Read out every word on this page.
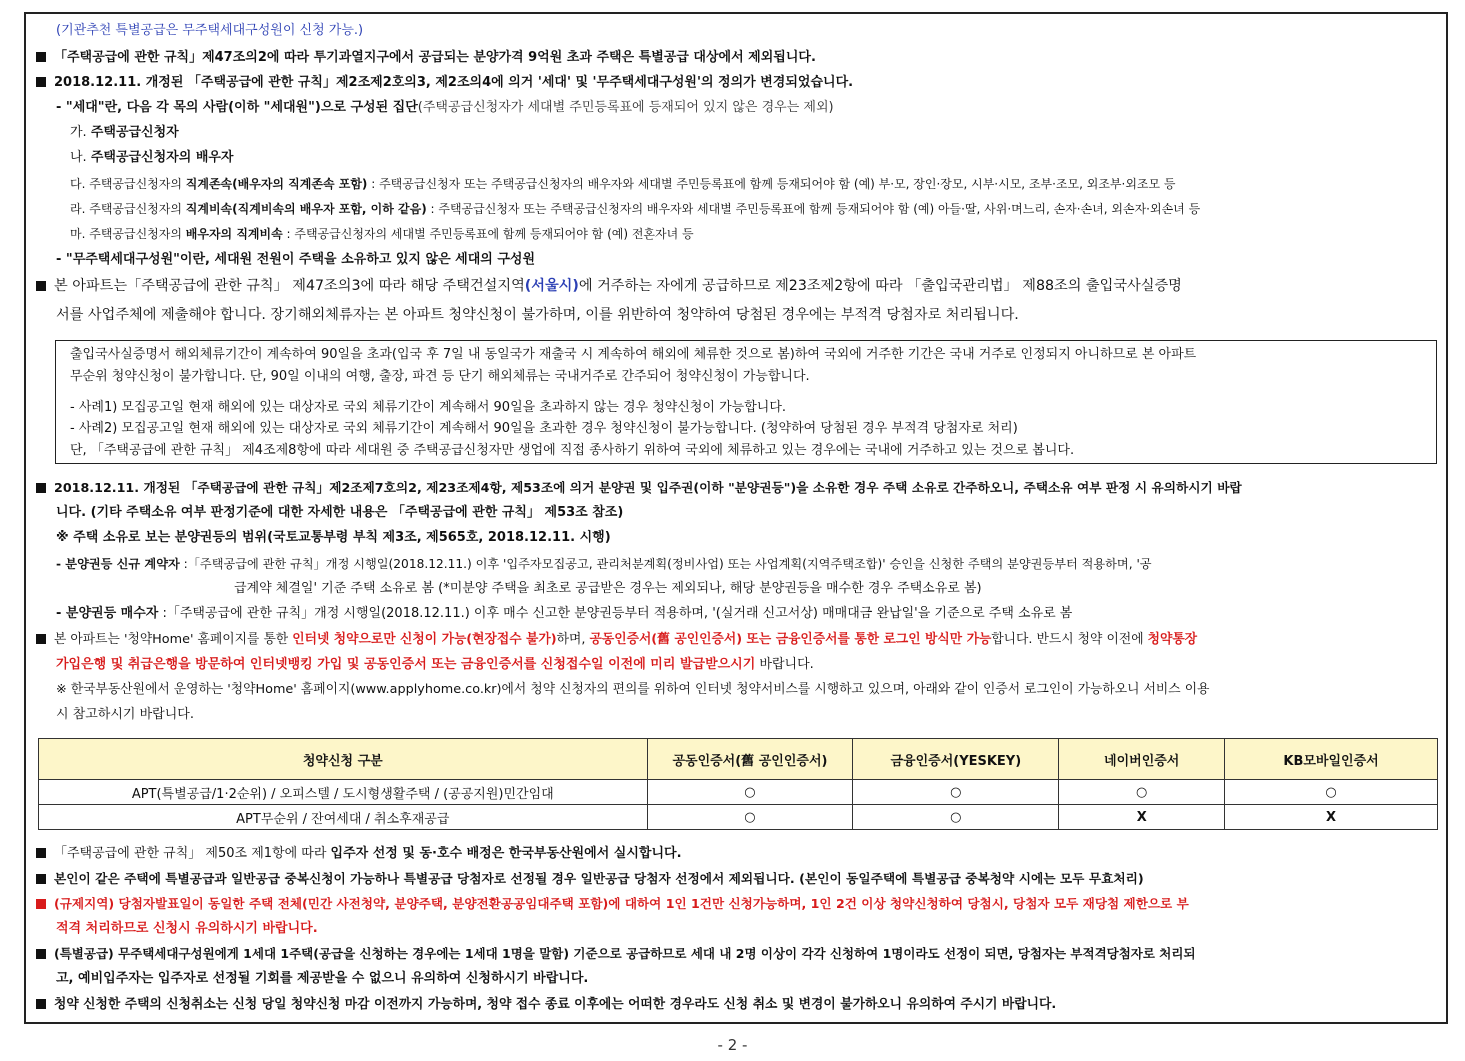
(기관추천 특별공급은 무주택세대구성원이 신청 가능.)
「주택공급에 관한 규칙」제47조의2에 따라 투기과열지구에서 공급되는 분양가격 9억원 초과 주택은 특별공급 대상에서 제외됩니다.
2018.12.11. 개정된 「주택공급에 관한 규칙」제2조제2호의3, 제2조의4에 의거 '세대' 및 '무주택세대구성원'의 정의가 변경되었습니다.
- "세대"란, 다음 각 목의 사람(이하 "세대원")으로 구성된 집단(주택공급신청자가 세대별 주민등록표에 등재되어 있지 않은 경우는 제외)
가. 주택공급신청자
나. 주택공급신청자의 배우자
다. 주택공급신청자의 직계존속(배우자의 직계존속 포함) : 주택공급신청자 또는 주택공급신청자의 배우자와 세대별 주민등록표에 함께 등재되어야 함 (예) 부·모, 장인·장모, 시부·시모, 조부·조모, 외조부·외조모 등
라. 주택공급신청자의 직계비속(직계비속의 배우자 포함, 이하 같음) : 주택공급신청자 또는 주택공급신청자의 배우자와 세대별 주민등록표에 함께 등재되어야 함 (예) 아들·딸, 사위·며느리, 손자·손녀, 외손자·외손녀 등
마. 주택공급신청자의 배우자의 직계비속 : 주택공급신청자의 세대별 주민등록표에 함께 등재되어야 함 (예) 전혼자녀 등
- "무주택세대구성원"이란, 세대원 전원이 주택을 소유하고 있지 않은 세대의 구성원
본 아파트는「주택공급에 관한 규칙」 제47조의3에 따라 해당 주택건설지역(서울시)에 거주하는 자에게 공급하므로 제23조제2항에 따라 「출입국관리법」 제88조의 출입국사실증명
서를 사업주체에 제출해야 합니다. 장기해외체류자는 본 아파트 청약신청이 불가하며, 이를 위반하여 청약하여 당첨된 경우에는 부적격 당첨자로 처리됩니다.
출입국사실증명서 해외체류기간이 계속하여 90일을 초과(입국 후 7일 내 동일국가 재출국 시 계속하여 해외에 체류한 것으로 봄)하여 국외에 거주한 기간은 국내 거주로 인정되지 아니하므로 본 아파트
무순위 청약신청이 불가합니다. 단, 90일 이내의 여행, 출장, 파견 등 단기 해외체류는 국내거주로 간주되어 청약신청이 가능합니다.
- 사례1) 모집공고일 현재 해외에 있는 대상자로 국외 체류기간이 계속해서 90일을 초과하지 않는 경우 청약신청이 가능합니다.
- 사례2) 모집공고일 현재 해외에 있는 대상자로 국외 체류기간이 계속해서 90일을 초과한 경우 청약신청이 불가능합니다. (청약하여 당첨된 경우 부적격 당첨자로 처리)
단, 「주택공급에 관한 규칙」 제4조제8항에 따라 세대원 중 주택공급신청자만 생업에 직접 종사하기 위하여 국외에 체류하고 있는 경우에는 국내에 거주하고 있는 것으로 봅니다.
2018.12.11. 개정된 「주택공급에 관한 규칙」제2조제7호의2, 제23조제4항, 제53조에 의거 분양권 및 입주권(이하 "분양권등")을 소유한 경우 주택 소유로 간주하오니, 주택소유 여부 판정 시 유의하시기 바랍
니다. (기타 주택소유 여부 판정기준에 대한 자세한 내용은 「주택공급에 관한 규칙」 제53조 참조)
※ 주택 소유로 보는 분양권등의 범위(국토교통부령 부칙 제3조, 제565호, 2018.12.11. 시행)
- 분양권등 신규 계약자 :「주택공급에 관한 규칙」개정 시행일(2018.12.11.) 이후 '입주자모집공고, 관리처분계획(정비사업) 또는 사업계획(지역주택조합)' 승인을 신청한 주택의 분양권등부터 적용하며, '공
급계약 체결일' 기준 주택 소유로 봄 (*미분양 주택을 최초로 공급받은 경우는 제외되나, 해당 분양권등을 매수한 경우 주택소유로 봄)
- 분양권등 매수자 :「주택공급에 관한 규칙」개정 시행일(2018.12.11.) 이후 매수 신고한 분양권등부터 적용하며, '(실거래 신고서상) 매매대금 완납일'을 기준으로 주택 소유로 봄
본 아파트는 '청약Home' 홈페이지를 통한 인터넷 청약으로만 신청이 가능(현장접수 불가)하며, 공동인증서(舊 공인인증서) 또는 금융인증서를 통한 로그인 방식만 가능합니다. 반드시 청약 이전에 청약통장
가입은행 및 취급은행을 방문하여 인터넷뱅킹 가입 및 공동인증서 또는 금융인증서를 신청접수일 이전에 미리 발급받으시기 바랍니다.
※ 한국부동산원에서 운영하는 '청약Home' 홈페이지(www.applyhome.co.kr)에서 청약 신청자의 편의를 위하여 인터넷 청약서비스를 시행하고 있으며, 아래와 같이 인증서 로그인이 가능하오니 서비스 이용
시 참고하시기 바랍니다.
청약신청 구분	공동인증서(舊 공인인증서)	금융인증서(YESKEY)	네이버인증서	KB모바일인증서
APT(특별공급/1·2순위) / 오피스텔 / 도시형생활주택 / (공공지원)민간임대	○	○	○	○
APT무순위 / 잔여세대 / 취소후재공급	○	○	X	X
「주택공급에 관한 규칙」 제50조 제1항에 따라 입주자 선정 및 동·호수 배정은 한국부동산원에서 실시합니다.
본인이 같은 주택에 특별공급과 일반공급 중복신청이 가능하나 특별공급 당첨자로 선정될 경우 일반공급 당첨자 선정에서 제외됩니다. (본인이 동일주택에 특별공급 중복청약 시에는 모두 무효처리)
(규제지역) 당첨자발표일이 동일한 주택 전체(민간 사전청약, 분양주택, 분양전환공공임대주택 포함)에 대하여 1인 1건만 신청가능하며, 1인 2건 이상 청약신청하여 당첨시, 당첨자 모두 재당첨 제한으로 부
적격 처리하므로 신청시 유의하시기 바랍니다.
(특별공급) 무주택세대구성원에게 1세대 1주택(공급을 신청하는 경우에는 1세대 1명을 말함) 기준으로 공급하므로 세대 내 2명 이상이 각각 신청하여 1명이라도 선정이 되면, 당첨자는 부적격당첨자로 처리되
고, 예비입주자는 입주자로 선정될 기회를 제공받을 수 없으니 유의하여 신청하시기 바랍니다.
청약 신청한 주택의 신청취소는 신청 당일 청약신청 마감 이전까지 가능하며, 청약 접수 종료 이후에는 어떠한 경우라도 신청 취소 및 변경이 불가하오니 유의하여 주시기 바랍니다.
- 2 -
